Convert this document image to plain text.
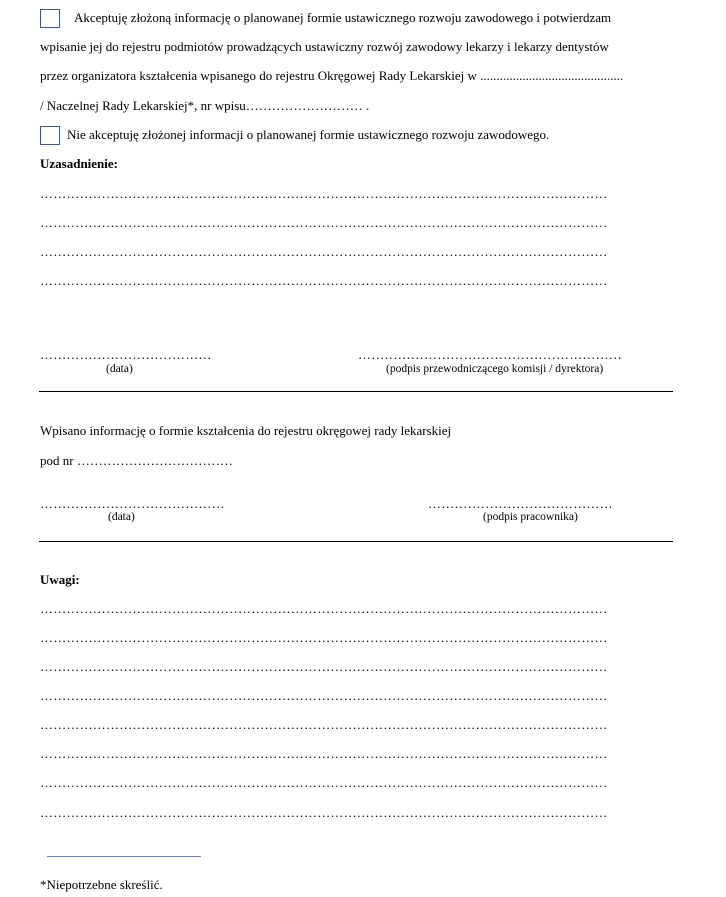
Akceptuję złożoną informację o planowanej formie ustawicznego rozwoju zawodowego i potwierdzam
wpisanie jej do rejestru podmiotów prowadzących ustawiczny rozwój zawodowy lekarzy i lekarzy dentystów
przez organizatora kształcenia wpisanego do rejestru Okręgowej Rady Lekarskiej w ............................................
/ Naczelnej Rady Lekarskiej*, nr wpisu……………………… .
Nie akceptuję złożonej informacji o planowanej formie ustawicznego rozwoju zawodowego.
Uzasadnienie:
…………………………………………………………………………………………………………………
…………………………………………………………………………………………………………………
…………………………………………………………………………………………………………………
…………………………………………………………………………………………………………………
…………………………………
(data)
……………………………………………………
(podpis przewodniczącego komisji / dyrektora)
Wpisano informację o formie kształcenia do rejestru okręgowej rady lekarskiej
pod nr ………………………………
……………………………………
(data)
……………………………………
(podpis pracownika)
Uwagi:
…………………………………………………………………………………………………………………
…………………………………………………………………………………………………………………
…………………………………………………………………………………………………………………
…………………………………………………………………………………………………………………
…………………………………………………………………………………………………………………
…………………………………………………………………………………………………………………
…………………………………………………………………………………………………………………
…………………………………………………………………………………………………………………
*Niepotrzebne skreślić.
